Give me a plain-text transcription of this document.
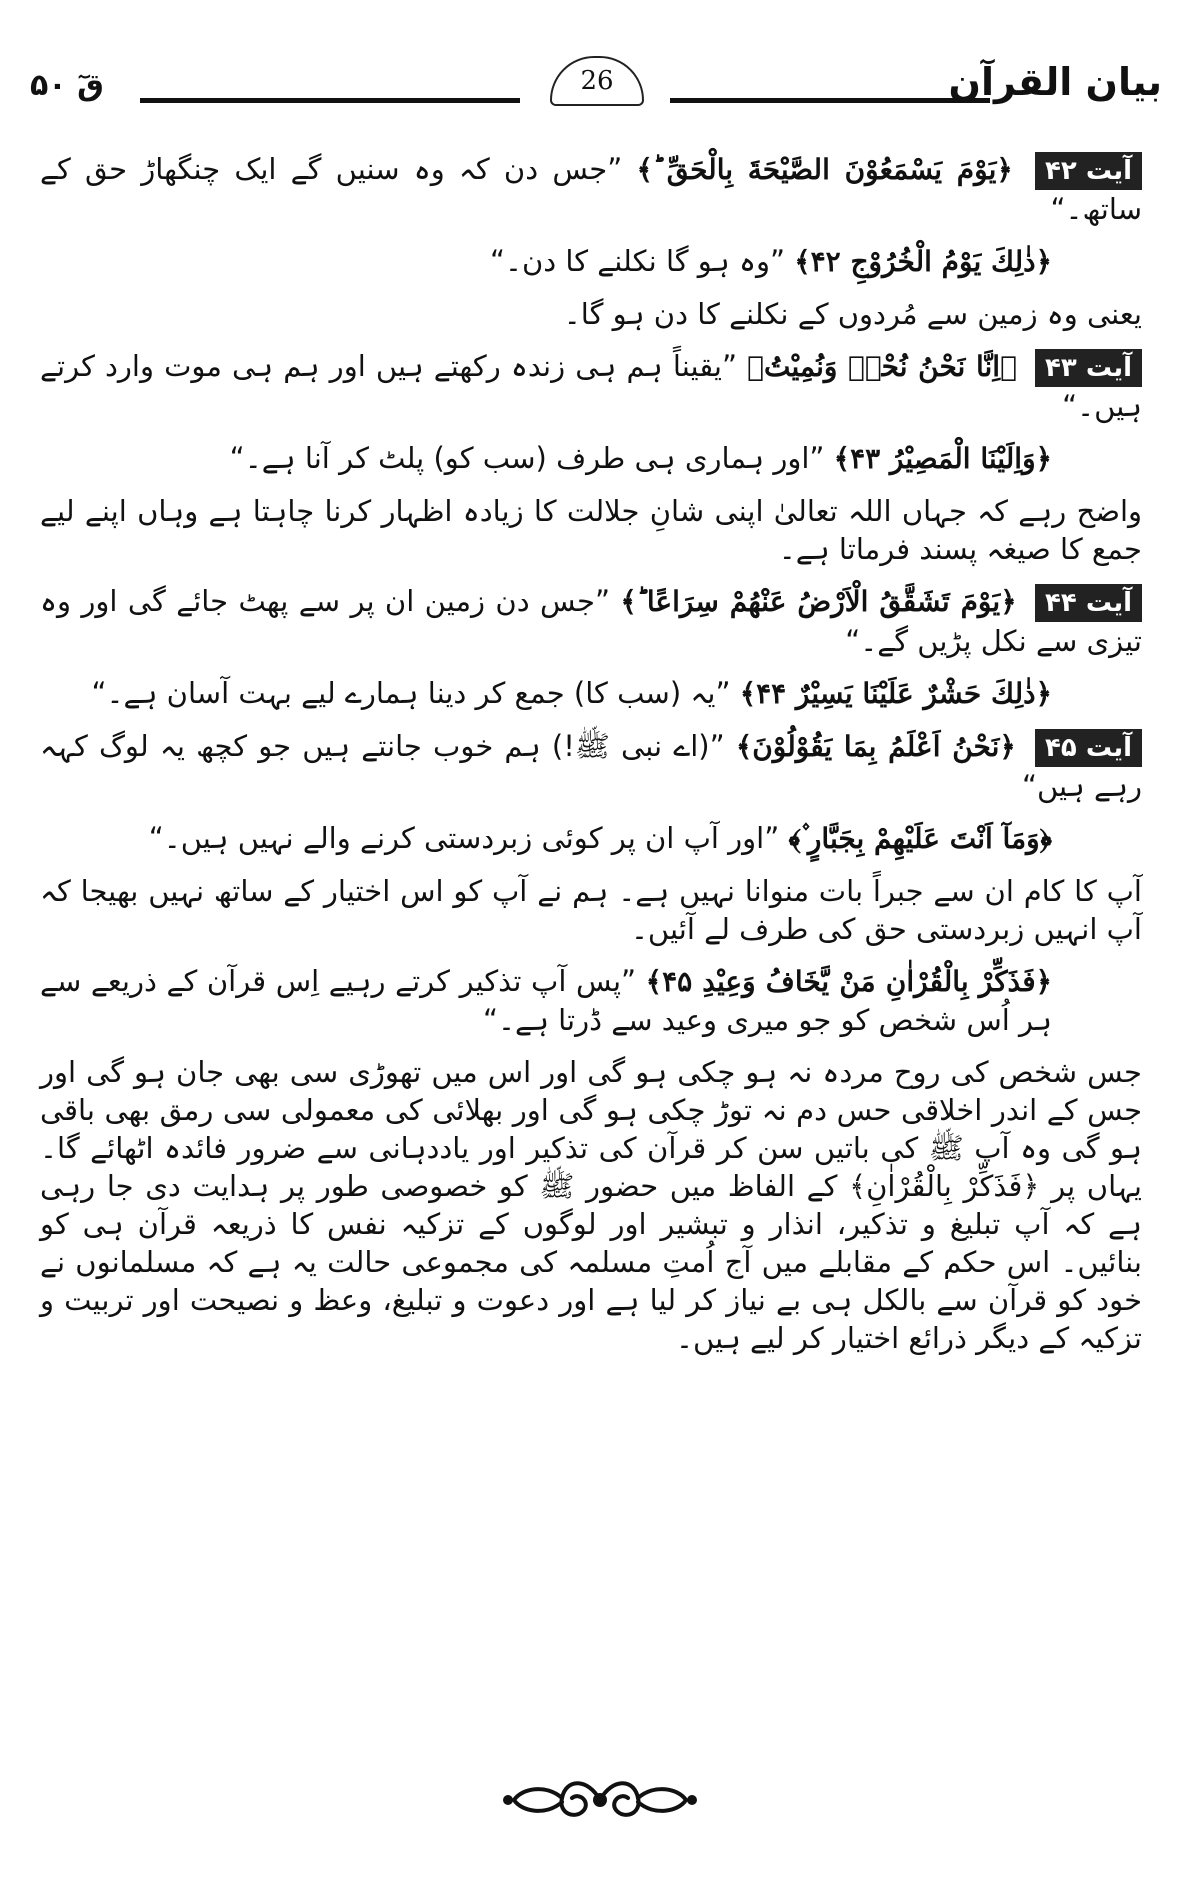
قٓ ۵۰	26	بیان القرآن

آیت ۴۲ ﴿يَوْمَ يَسْمَعُوْنَ الصَّيْحَةَ بِالْحَقِّ ؕ﴾ ”جس دن کہ وہ سنیں گے ایک چنگھاڑ حق کے ساتھ۔“

﴿ذٰلِكَ يَوْمُ الْخُرُوْجِ ۴۲﴾ ”وہ ہو گا نکلنے کا دن۔“

یعنی وہ زمین سے مُردوں کے نکلنے کا دن ہو گا۔

آیت ۴۳ ﴿اِنَّا نَحْنُ نُحْيٖ وَنُمِيْتُ﴾ ”یقیناً ہم ہی زندہ رکھتے ہیں اور ہم ہی موت وارد کرتے ہیں۔“

﴿وَاِلَيْنَا الْمَصِيْرُ ۴۳﴾ ”اور ہماری ہی طرف (سب کو) پلٹ کر آنا ہے۔“

واضح رہے کہ جہاں اللہ تعالیٰ اپنی شانِ جلالت کا زیادہ اظہار کرنا چاہتا ہے وہاں اپنے لیے جمع کا صیغہ پسند فرماتا ہے۔

آیت ۴۴ ﴿يَوْمَ تَشَقَّقُ الْاَرْضُ عَنْهُمْ سِرَاعًا ؕ﴾ ”جس دن زمین ان پر سے پھٹ جائے گی اور وہ تیزی سے نکل پڑیں گے۔“

﴿ذٰلِكَ حَشْرٌ عَلَيْنَا يَسِيْرٌ ۴۴﴾ ”یہ (سب کا) جمع کر دینا ہمارے لیے بہت آسان ہے۔“

آیت ۴۵ ﴿نَحْنُ اَعْلَمُ بِمَا يَقُوْلُوْنَ﴾ ”(اے نبی ﷺ!) ہم خوب جانتے ہیں جو کچھ یہ لوگ کہہ رہے ہیں“

﴿وَمَآ اَنْتَ عَلَيْهِمْ بِجَبَّارٍ ۫﴾ ”اور آپ ان پر کوئی زبردستی کرنے والے نہیں ہیں۔“

آپ کا کام ان سے جبراً بات منوانا نہیں ہے۔ ہم نے آپ کو اس اختیار کے ساتھ نہیں بھیجا کہ آپ انہیں زبردستی حق کی طرف لے آئیں۔

﴿فَذَكِّرْ بِالْقُرْاٰنِ مَنْ يَّخَافُ وَعِيْدِ ۴۵﴾ ”پس آپ تذکیر کرتے رہیے اِس قرآن کے ذریعے سے ہر اُس شخص کو جو میری وعید سے ڈرتا ہے۔“

جس شخص کی روح مردہ نہ ہو چکی ہو گی اور اس میں تھوڑی سی بھی جان ہو گی اور جس کے اندر اخلاقی حس دم نہ توڑ چکی ہو گی اور بھلائی کی معمولی سی رمق بھی باقی ہو گی وہ آپ ﷺ کی باتیں سن کر قرآن کی تذکیر اور یاددہانی سے ضرور فائدہ اٹھائے گا۔ یہاں پر ﴿فَذَكِّرْ بِالْقُرْاٰنِ﴾ کے الفاظ میں حضور ﷺ کو خصوصی طور پر ہدایت دی جا رہی ہے کہ آپ تبلیغ و تذکیر، انذار و تبشیر اور لوگوں کے تزکیہ نفس کا ذریعہ قرآن ہی کو بنائیں۔ اس حکم کے مقابلے میں آج اُمتِ مسلمہ کی مجموعی حالت یہ ہے کہ مسلمانوں نے خود کو قرآن سے بالکل ہی بے نیاز کر لیا ہے اور دعوت و تبلیغ، وعظ و نصیحت اور تربیت و تزکیہ کے دیگر ذرائع اختیار کر لیے ہیں۔
